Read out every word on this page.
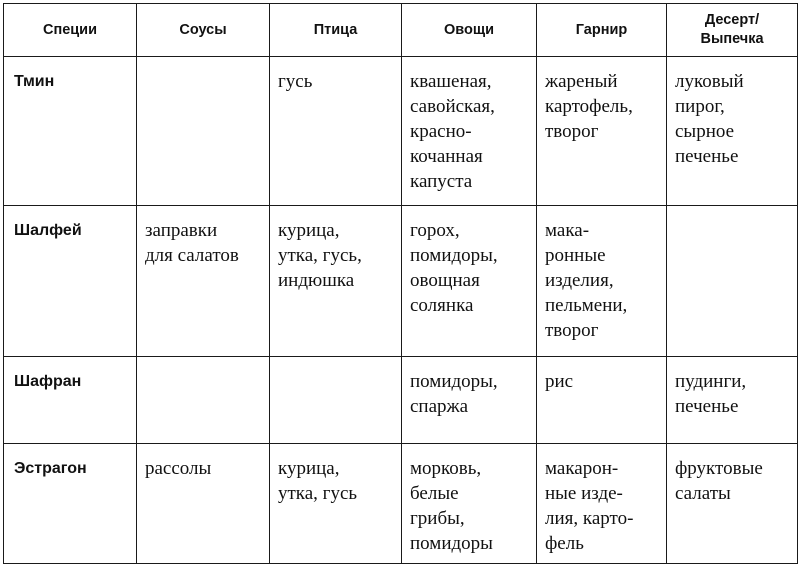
Специи	Соусы	Птица	Овощи	Гарнир	Десерт/
Выпечка
Тмин		гусь	квашеная,
савойская,
красно-
кочанная
капуста	жареный
картофель,
творог	луковый
пирог,
сырное
печенье
Шалфей	заправки
для салатов	курица,
утка, гусь,
индюшка	горох,
помидоры,
овощная
солянка	мака-
ронные
изделия,
пельмени,
творог	
Шафран			помидоры,
спаржа	рис	пудинги,
печенье
Эстрагон	рассолы	курица,
утка, гусь	морковь,
белые
грибы,
помидоры	макарон-
ные изде-
лия, карто-
фель	фруктовые
салаты
